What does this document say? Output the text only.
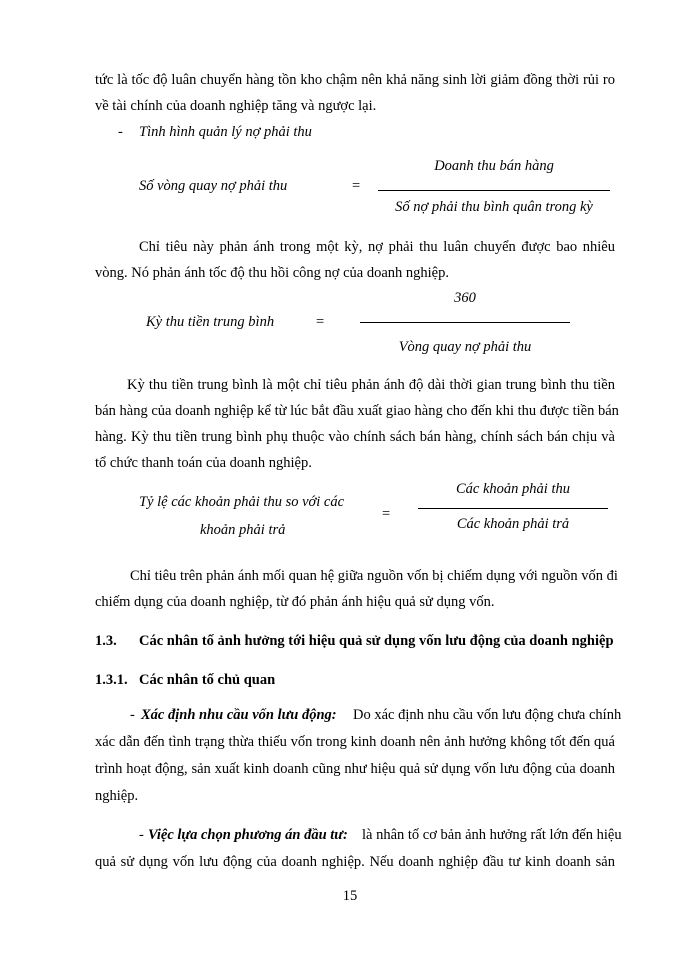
tức là tốc độ luân chuyển hàng tồn kho chậm nên khả năng sinh lời giảm đồng thời rủi ro
về tài chính của doanh nghiệp tăng và ngược lại.
- Tình hình quản lý nợ phải thu
Số vòng quay nợ phải thu	=
Doanh thu bán hàng
Số nợ phải thu bình quân trong kỳ
Chỉ tiêu này phản ánh trong một kỳ, nợ phải thu luân chuyển được bao nhiêu
vòng. Nó phản ánh tốc độ thu hồi công nợ của doanh nghiệp.
Kỳ thu tiền trung bình	=
360
Vòng quay nợ phải thu
Kỳ thu tiền trung bình là một chỉ tiêu phản ánh độ dài thời gian trung bình thu tiền
bán hàng của doanh nghiệp kể từ lúc bắt đầu xuất giao hàng cho đến khi thu được tiền bán
hàng. Kỳ thu tiền trung bình phụ thuộc vào chính sách bán hàng, chính sách bán chịu và
tổ chức thanh toán của doanh nghiệp.
Tỷ lệ các khoản phải thu so với các
khoản phải trả
=
Các khoản phải thu
Các khoản phải trả
Chỉ tiêu trên phản ánh mối quan hệ giữa nguồn vốn bị chiếm dụng với nguồn vốn đi
chiếm dụng của doanh nghiệp, từ đó phản ánh hiệu quả sử dụng vốn.
1.3. Các nhân tố ảnh hưởng tới hiệu quả sử dụng vốn lưu động của doanh nghiệp
1.3.1. Các nhân tố chủ quan
- Xác định nhu cầu vốn lưu động: Do xác định nhu cầu vốn lưu động chưa chính
xác dẫn đến tình trạng thừa thiếu vốn trong kinh doanh nên ảnh hưởng không tốt đến quá
trình hoạt động, sản xuất kinh doanh cũng như hiệu quả sử dụng vốn lưu động của doanh
nghiệp.
- Việc lựa chọn phương án đầu tư: là nhân tố cơ bản ảnh hưởng rất lớn đến hiệu
quả sử dụng vốn lưu động của doanh nghiệp. Nếu doanh nghiệp đầu tư kinh doanh sản
15
